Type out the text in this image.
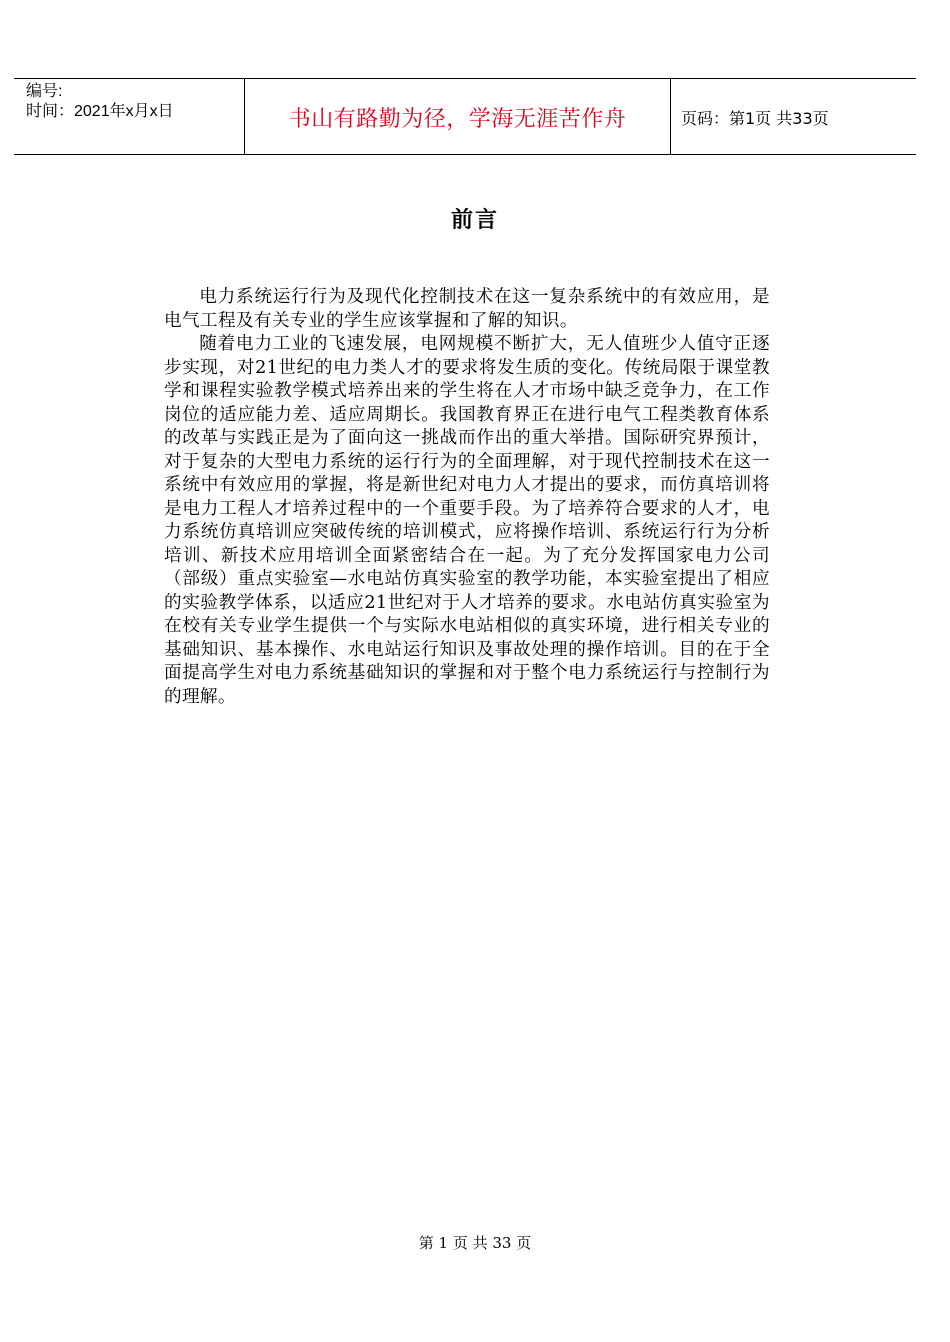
编号:
时间：2021年x月x日	书山有路勤为径，学海无涯苦作舟	页码：第1页 共33页
前言

电力系统运行行为及现代化控制技术在这一复杂系统中的有效应用，是电气工程及有关专业的学生应该掌握和了解的知识。

随着电力工业的飞速发展，电网规模不断扩大，无人值班少人值守正逐步实现，对21世纪的电力类人才的要求将发生质的变化。传统局限于课堂教学和课程实验教学模式培养出来的学生将在人才市场中缺乏竞争力，在工作岗位的适应能力差、适应周期长。我国教育界正在进行电气工程类教育体系的改革与实践正是为了面向这一挑战而作出的重大举措。国际研究界预计，对于复杂的大型电力系统的运行行为的全面理解，对于现代控制技术在这一系统中有效应用的掌握，将是新世纪对电力人才提出的要求，而仿真培训将是电力工程人才培养过程中的一个重要手段。为了培养符合要求的人才，电力系统仿真培训应突破传统的培训模式，应将操作培训、系统运行行为分析培训、新技术应用培训全面紧密结合在一起。为了充分发挥国家电力公司（部级）重点实验室—水电站仿真实验室的教学功能，本实验室提出了相应的实验教学体系，以适应21世纪对于人才培养的要求。水电站仿真实验室为在校有关专业学生提供一个与实际水电站相似的真实环境，进行相关专业的基础知识、基本操作、水电站运行知识及事故处理的操作培训。目的在于全面提高学生对电力系统基础知识的掌握和对于整个电力系统运行与控制行为的理解。

第 1 页 共 33 页
